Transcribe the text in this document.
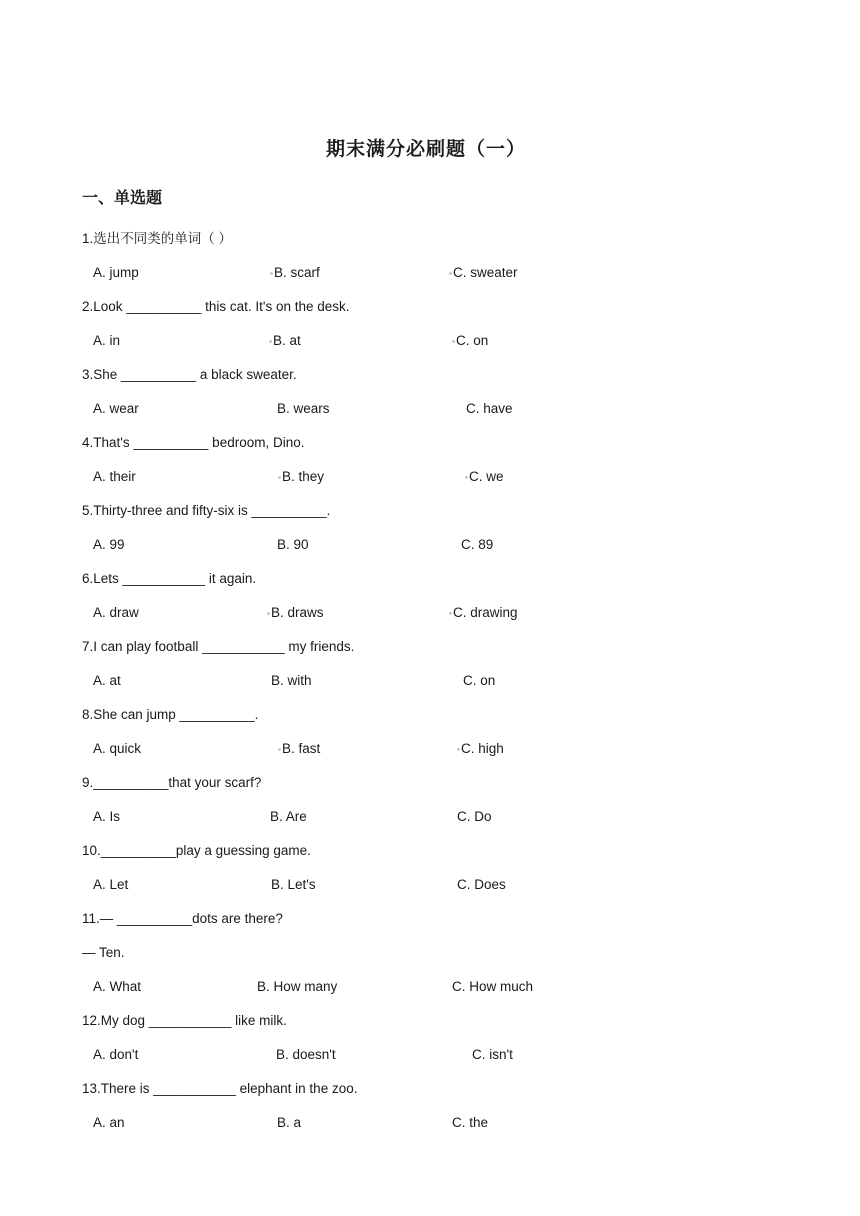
期末满分必刷题（一）
一、单选题
1.选出不同类的单词（ ）
A. jump	B. scarf	C. sweater
2.Look __________ this cat. It's on the desk.
A. in	B. at	C. on
3.She __________ a black sweater.
A. wear	B. wears	C. have
4.That's __________ bedroom, Dino.
A. their	B. they	C. we
5.Thirty-three and fifty-six is __________.
A. 99	B. 90	C. 89
6.Lets ___________ it again.
A. draw	B. draws	C. drawing
7.I can play football ___________ my friends.
A. at	B. with	C. on
8.She can jump __________.
A. quick	B. fast	C. high
9.__________that your scarf?
A. Is	B. Are	C. Do
10.__________play a guessing game.
A. Let	B. Let's	C. Does
11.— __________dots are there?
— Ten.
A. What	B. How many	C. How much
12.My dog ___________ like milk.
A. don't	B. doesn't	C. isn't
13.There is ___________ elephant in the zoo.
A. an	B. a	C. the
